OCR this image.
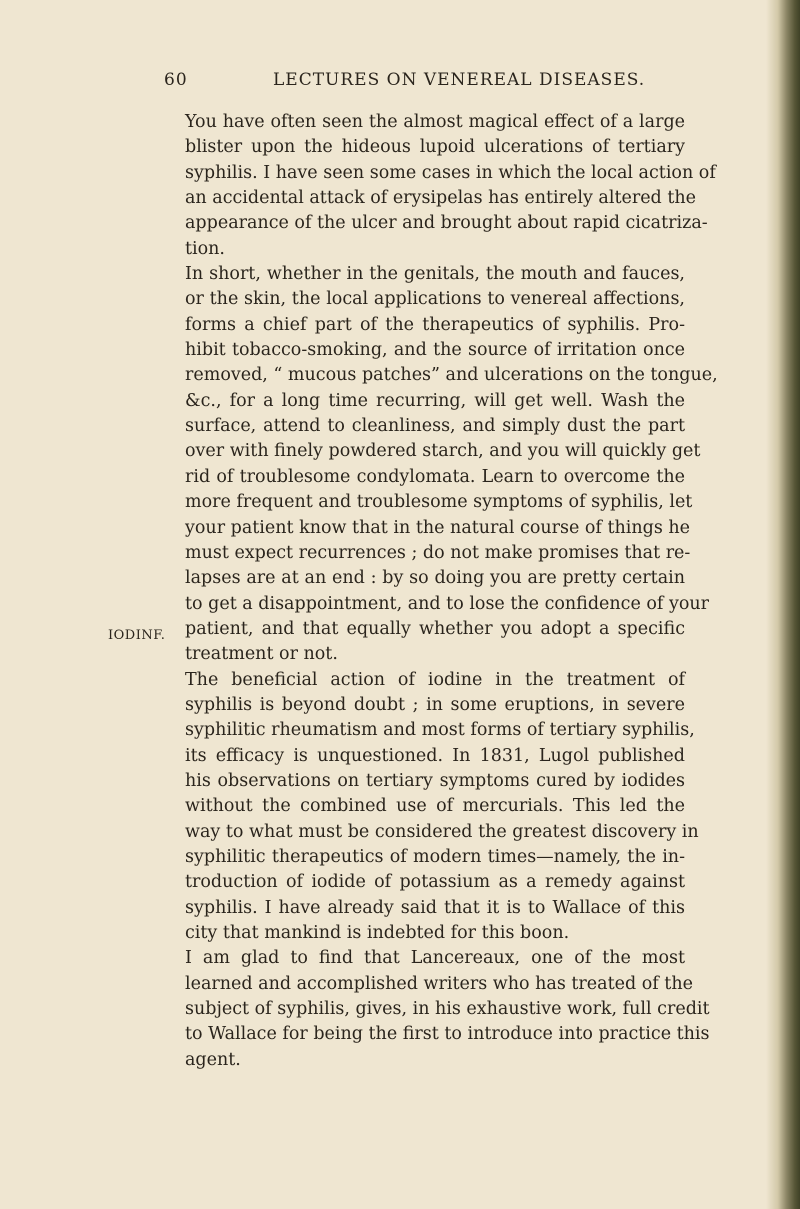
60	LECTURES ON VENEREAL DISEASES.
IODINF.
You have often seen the almost magical effect of a large
blister upon the hideous lupoid ulcerations of tertiary
syphilis. I have seen some cases in which the local action of
an accidental attack of erysipelas has entirely altered the
appearance of the ulcer and brought about rapid cicatriza-
tion.
In short, whether in the genitals, the mouth and fauces,
or the skin, the local applications to venereal affections,
forms a chief part of the therapeutics of syphilis. Pro-
hibit tobacco-smoking, and the source of irritation once
removed, “ mucous patches” and ulcerations on the tongue,
&c., for a long time recurring, will get well. Wash the
surface, attend to cleanliness, and simply dust the part
over with finely powdered starch, and you will quickly get
rid of troublesome condylomata. Learn to overcome the
more frequent and troublesome symptoms of syphilis, let
your patient know that in the natural course of things he
must expect recurrences ; do not make promises that re-
lapses are at an end : by so doing you are pretty certain
to get a disappointment, and to lose the confidence of your
patient, and that equally whether you adopt a specific
treatment or not.
The beneficial action of iodine in the treatment of
syphilis is beyond doubt ; in some eruptions, in severe
syphilitic rheumatism and most forms of tertiary syphilis,
its efficacy is unquestioned. In 1831, Lugol published
his observations on tertiary symptoms cured by iodides
without the combined use of mercurials. This led the
way to what must be considered the greatest discovery in
syphilitic therapeutics of modern times—namely, the in-
troduction of iodide of potassium as a remedy against
syphilis. I have already said that it is to Wallace of this
city that mankind is indebted for this boon.
I am glad to find that Lancereaux, one of the most
learned and accomplished writers who has treated of the
subject of syphilis, gives, in his exhaustive work, full credit
to Wallace for being the first to introduce into practice this
agent.
